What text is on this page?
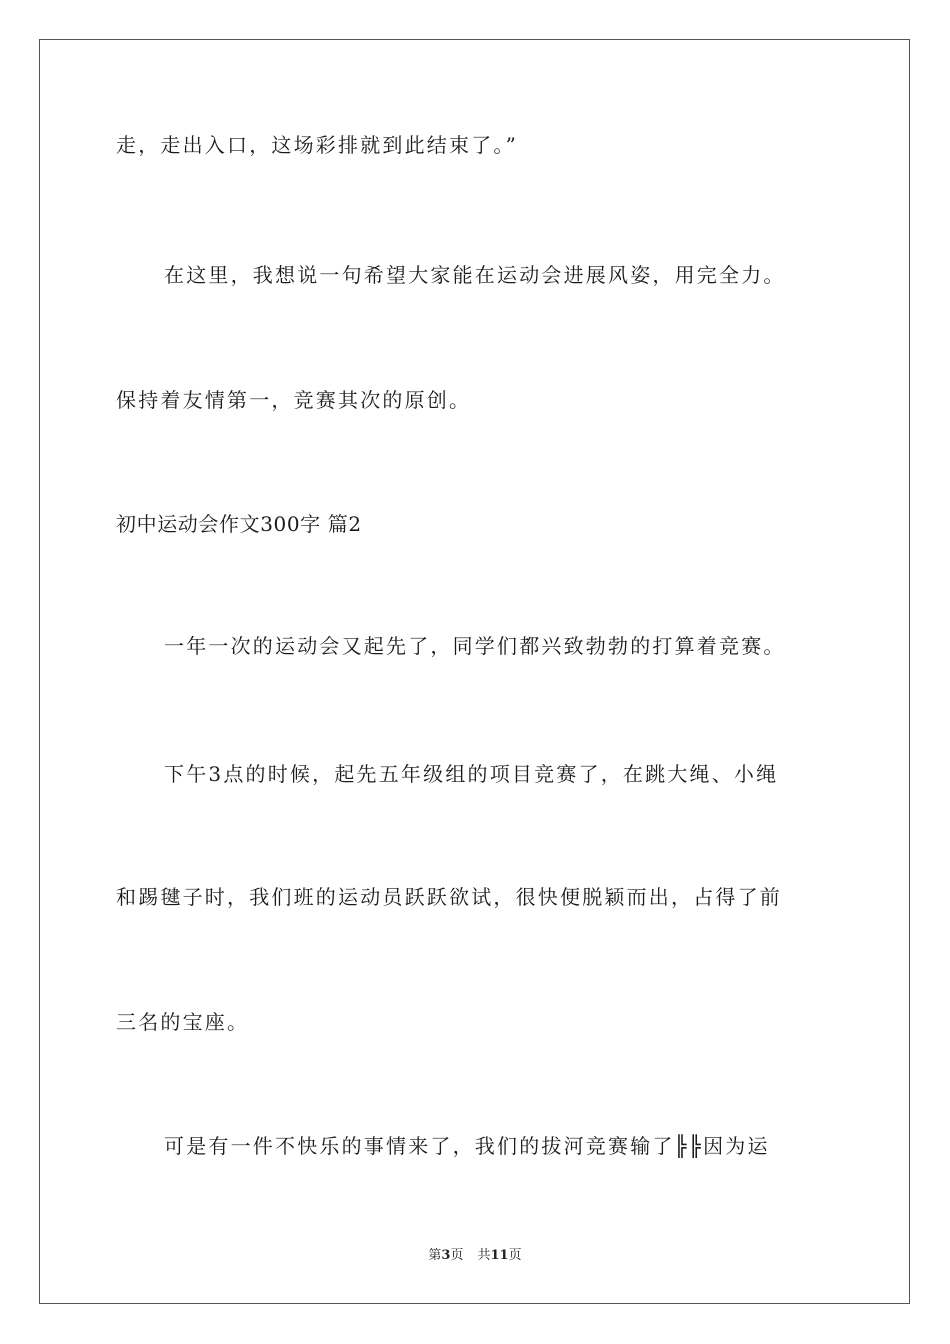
走，走出入口，这场彩排就到此结束了。”
在这里，我想说一句希望大家能在运动会进展风姿，用完全力。
保持着友情第一，竞赛其次的原创。
初中运动会作文300字 篇2
一年一次的运动会又起先了，同学们都兴致勃勃的打算着竞赛。
下午3点的时候，起先五年级组的项目竞赛了，在跳大绳、小绳
和踢毽子时，我们班的运动员跃跃欲试，很快便脱颖而出，占得了前
三名的宝座。
可是有一件不快乐的事情来了，我们的拔河竞赛输了╠╠因为运
第3页 共11页
